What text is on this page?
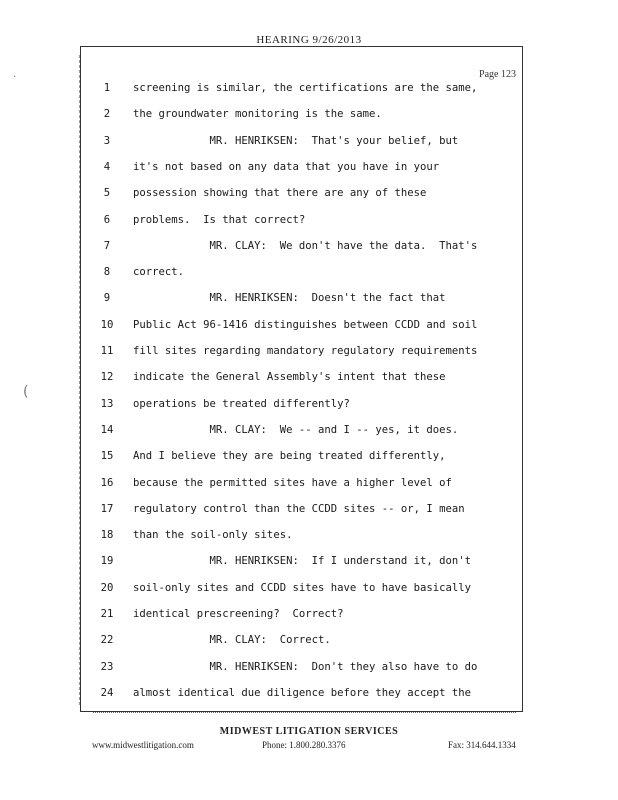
HEARING 9/26/2013
Page 123
1	screening is similar, the certifications are the same,
2	the groundwater monitoring is the same.
3	MR. HENRIKSEN:  That's your belief, but
4	it's not based on any data that you have in your
5	possession showing that there are any of these
6	problems.  Is that correct?
7	MR. CLAY:  We don't have the data.  That's
8	correct.
9	MR. HENRIKSEN:  Doesn't the fact that
10 Public Act 96-1416 distinguishes between CCDD and soil
11 fill sites regarding mandatory regulatory requirements
12 indicate the General Assembly's intent that these
13 operations be treated differently?
14 MR. CLAY:  We -- and I -- yes, it does.
15 And I believe they are being treated differently,
16 because the permitted sites have a higher level of
17 regulatory control than the CCDD sites -- or, I mean
18 than the soil-only sites.
19 MR. HENRIKSEN:  If I understand it, don't
20 soil-only sites and CCDD sites have to have basically
21 identical prescreening?  Correct?
22 MR. CLAY:  Correct.
23 MR. HENRIKSEN:  Don't they also have to do
24 almost identical due diligence before they accept the
·
(
MIDWEST LITIGATION SERVICES
www.midwestlitigation.com	Phone: 1.800.280.3376	Fax: 314.644.1334
